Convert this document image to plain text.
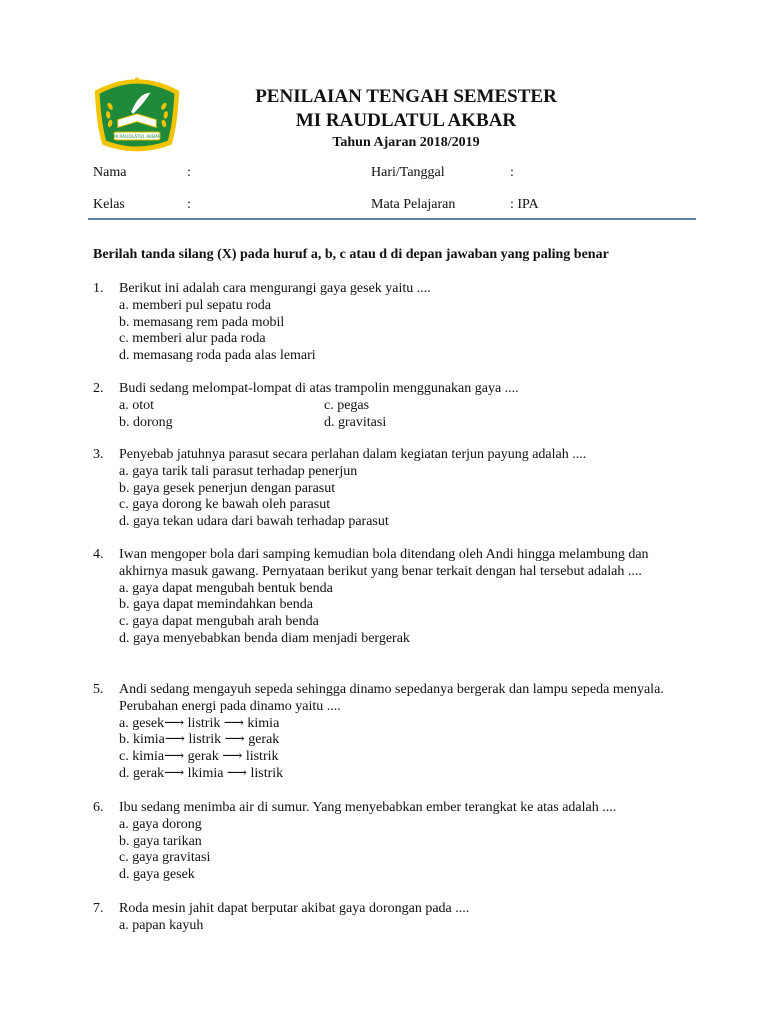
MI RAUDLATUL AKBAR
PENILAIAN TENGAH SEMESTER
MI RAUDLATUL AKBAR
Tahun Ajaran 2018/2019
Nama	:	Hari/Tanggal	:
Kelas	:	Mata Pelajaran	: IPA
Berilah tanda silang (X) pada huruf a, b, c atau d di depan jawaban yang paling benar
1. Berikut ini adalah cara mengurangi gaya gesek yaitu ....
a. memberi pul sepatu roda
b. memasang rem pada mobil
c. memberi alur pada roda
d. memasang roda pada alas lemari
2. Budi sedang melompat-lompat di atas trampolin menggunakan gaya ....
a. otot	c. pegas
b. dorong	d. gravitasi
3. Penyebab jatuhnya parasut secara perlahan dalam kegiatan terjun payung adalah ....
a. gaya tarik tali parasut terhadap penerjun
b. gaya gesek penerjun dengan parasut
c. gaya dorong ke bawah oleh parasut
d. gaya tekan udara dari bawah terhadap parasut
4. Iwan mengoper bola dari samping kemudian bola ditendang oleh Andi hingga melambung dan akhirnya masuk gawang. Pernyataan berikut yang benar terkait dengan hal tersebut adalah ....
a. gaya dapat mengubah bentuk benda
b. gaya dapat memindahkan benda
c. gaya dapat mengubah arah benda
d. gaya menyebabkan benda diam menjadi bergerak
5. Andi sedang mengayuh sepeda sehingga dinamo sepedanya bergerak dan lampu sepeda menyala. Perubahan energi pada dinamo yaitu ....
a. gesek⟶ listrik ⟶ kimia
b. kimia⟶ listrik ⟶ gerak
c. kimia⟶ gerak ⟶ listrik
d. gerak⟶ lkimia ⟶ listrik
6. Ibu sedang menimba air di sumur. Yang menyebabkan ember terangkat ke atas adalah ....
a. gaya dorong
b. gaya tarikan
c. gaya gravitasi
d. gaya gesek
7. Roda mesin jahit dapat berputar akibat gaya dorongan pada ....
a. papan kayuh
